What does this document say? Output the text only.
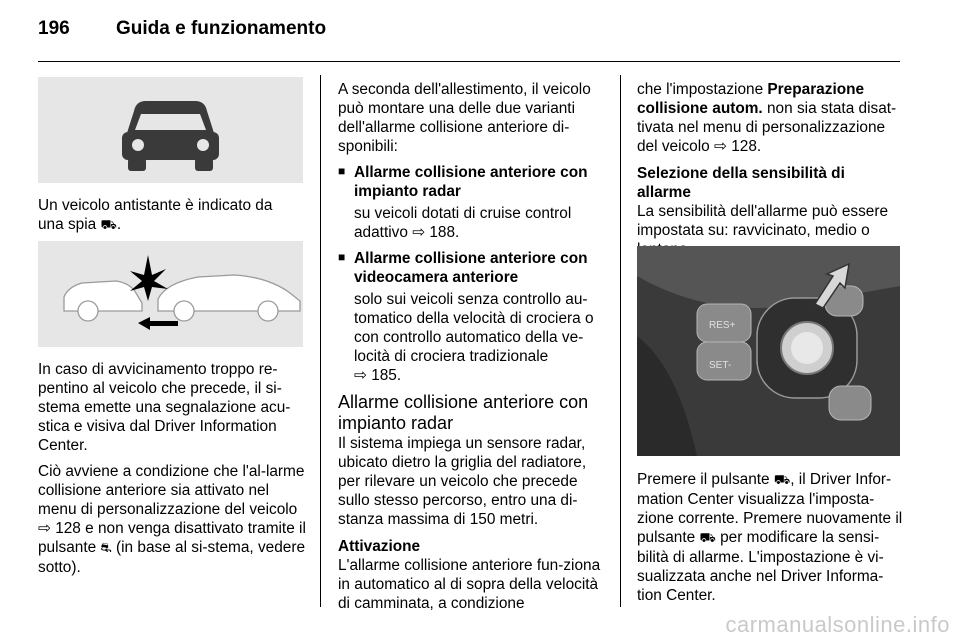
196 Guida e funzionamento

Un veicolo antistante è indicato da
una spia ⛟.

In caso di avvicinamento troppo re-pentino al veicolo che precede, il si-stema emette una segnalazione acu-stica e visiva dal Driver Information Center.

Ciò avviene a condizione che l'al-larme collisione anteriore sia attivato nel menu di personalizzazione del veicolo ⇨ 128 e non venga disattivato tramite il pulsante ⛐ (in base al si-stema, vedere sotto).

A seconda dell'allestimento, il veicolo può montare una delle due varianti dell'allarme collisione anteriore di-sponibili:

■ Allarme collisione anteriore con impianto radar
su veicoli dotati di cruise control adattivo ⇨ 188.
■ Allarme collisione anteriore con videocamera anteriore
solo sui veicoli senza controllo au-tomatico della velocità di crociera o con controllo automatico della ve-locità di crociera tradizionale
⇨ 185.
Allarme collisione anteriore con impianto radar

Il sistema impiega un sensore radar, ubicato dietro la griglia del radiatore, per rilevare un veicolo che precede sullo stesso percorso, entro una di-stanza massima di 150 metri.

Attivazione

L'allarme collisione anteriore fun-ziona in automatico al di sopra della velocità di camminata, a condizione

che l'impostazione Preparazione collisione autom. non sia stata disat-tivata nel menu di personalizzazione del veicolo ⇨ 128.

Selezione della sensibilità di allarme

La sensibilità dell'allarme può essere impostata su: ravvicinato, medio o

RES+
SET-

Premere il pulsante ⛟, il Driver Infor-mation Center visualizza l'imposta-zione corrente. Premere nuovamente il pulsante ⛟ per modificare la sensi-bilità di allarme. L'impostazione è vi-sualizzata anche nel Driver Informa-tion Center.

carmanualsonline.info
